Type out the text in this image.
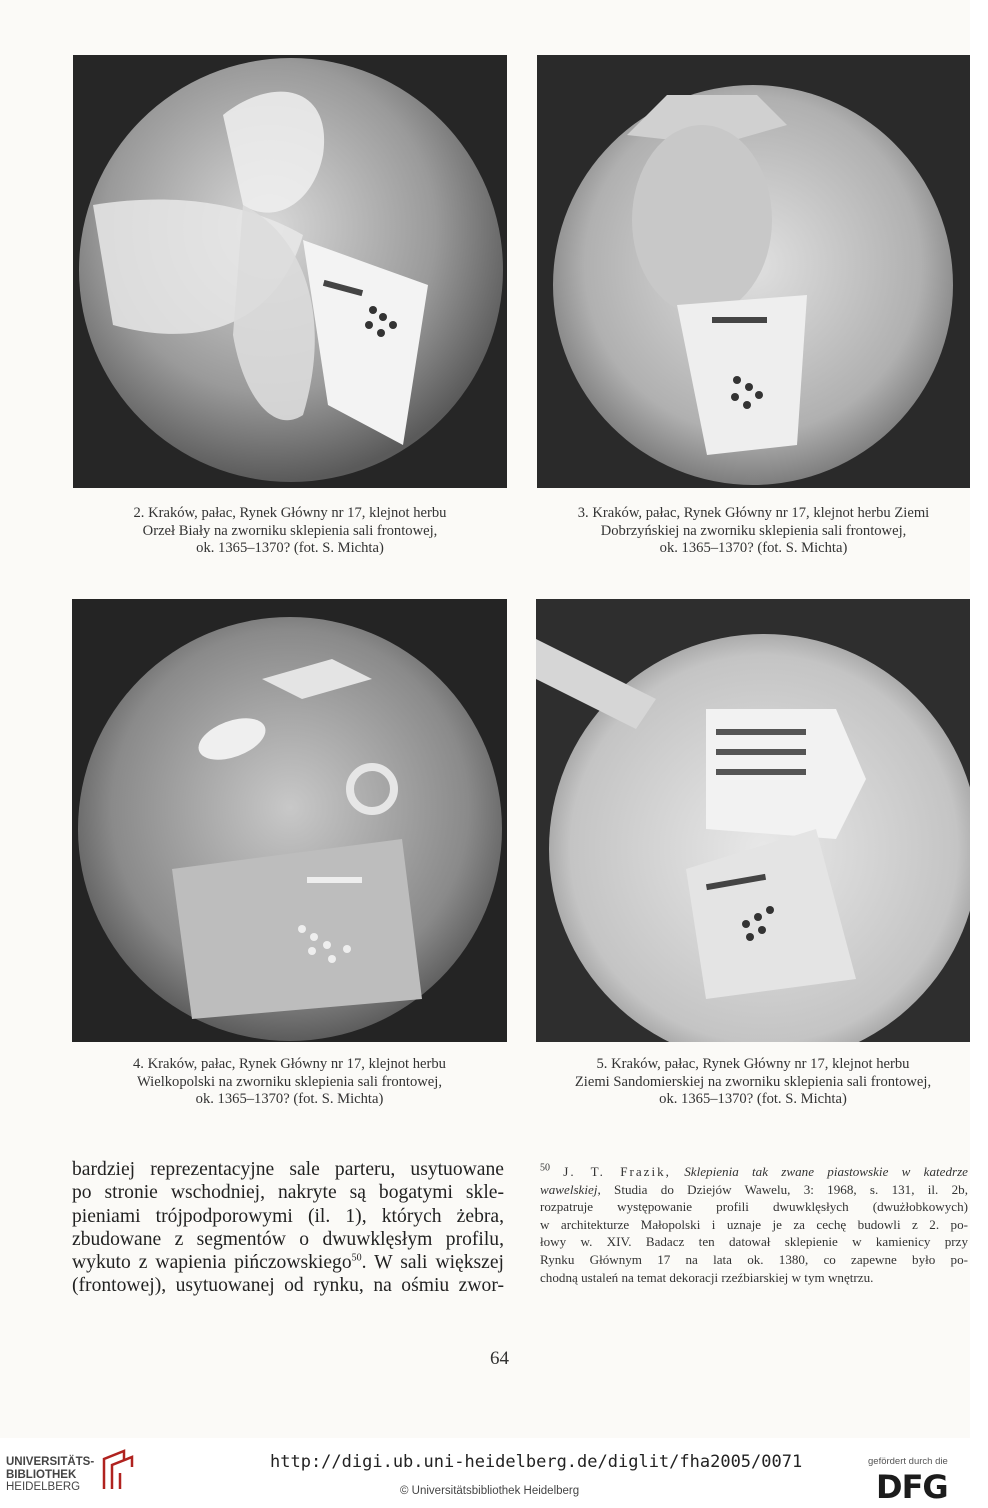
2. Kraków, pałac, Rynek Główny nr 17, klejnot herbu
Orzeł Biały na zworniku sklepienia sali frontowej,
ok. 1365–1370? (fot. S. Michta)
3. Kraków, pałac, Rynek Główny nr 17, klejnot herbu Ziemi
Dobrzyńskiej na zworniku sklepienia sali frontowej,
ok. 1365–1370? (fot. S. Michta)
4. Kraków, pałac, Rynek Główny nr 17, klejnot herbu
Wielkopolski na zworniku sklepienia sali frontowej,
ok. 1365–1370? (fot. S. Michta)
5. Kraków, pałac, Rynek Główny nr 17, klejnot herbu
Ziemi Sandomierskiej na zworniku sklepienia sali frontowej,
ok. 1365–1370? (fot. S. Michta)
bardziej reprezentacyjne sale parteru, usytuowane
po stronie wschodniej, nakryte są bogatymi skle-
pieniami trójpodporowymi (il. 1), których żebra,
zbudowane z segmentów o dwuwklęsłym profilu,
wykuto z wapienia pińczowskiego$^{50}$. W sali większej
(frontowej), usytuowanej od rynku, na ośmiu zwor-
$^{50}$ J. T. Frazik, Sklepienia tak zwane piastowskie w katedrze
wawelskiej, Studia do Dziejów Wawelu, 3: 1968, s. 131, il. 2b,
rozpatruje występowanie profili dwuwklęsłych (dwużłobkowych)
w architekturze Małopolski i uznaje je za cechę budowli z 2. po-
łowy w. XIV. Badacz ten datował sklepienie w kamienicy przy
Rynku Głównym 17 na lata ok. 1380, co zapewne było po-
chodną ustaleń na temat dekoracji rzeźbiarskiej w tym wnętrzu.
64
UNIVERSITÄTS-
BIBLIOTHEK
HEIDELBERG
http://digi.ub.uni-heidelberg.de/diglit/fha2005/0071
© Universitätsbibliothek Heidelberg
gefördert durch die
DFG
